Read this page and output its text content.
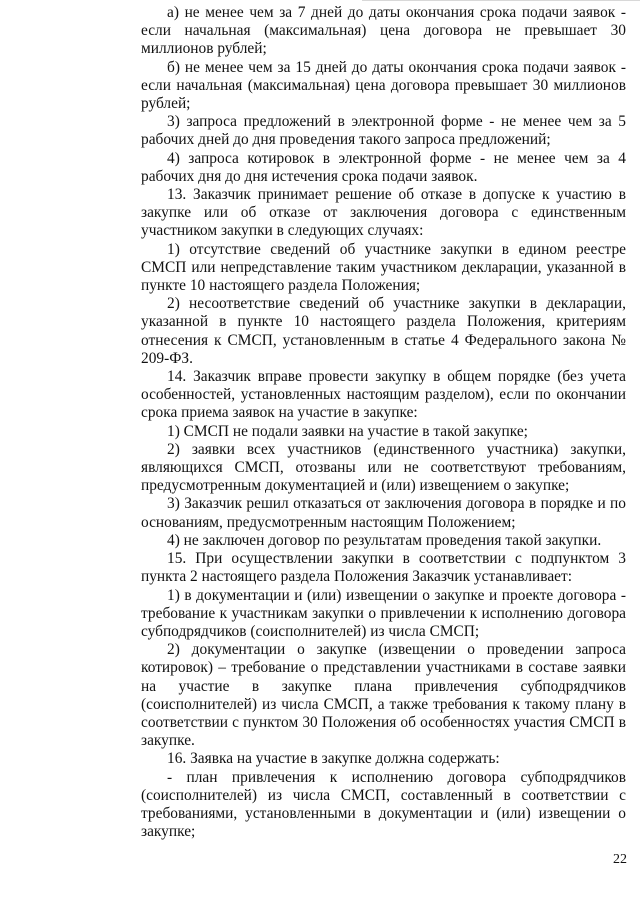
а) не менее чем за 7 дней до даты окончания срока подачи заявок - если начальная (максимальная) цена договора не превышает 30 миллионов рублей;

б) не менее чем за 15 дней до даты окончания срока подачи заявок - если начальная (максимальная) цена договора превышает 30 миллионов рублей;

3) запроса предложений в электронной форме - не менее чем за 5 рабочих дней до дня проведения такого запроса предложений;

4) запроса котировок в электронной форме - не менее чем за 4 рабочих дня до дня истечения срока подачи заявок.

13. Заказчик принимает решение об отказе в допуске к участию в закупке или об отказе от заключения договора с единственным участником закупки в следующих случаях:

1) отсутствие сведений об участнике закупки в едином реестре СМСП или непредставление таким участником декларации, указанной в пункте 10 настоящего раздела Положения;

2) несоответствие сведений об участнике закупки в декларации, указанной в пункте 10 настоящего раздела Положения, критериям отнесения к СМСП, установленным в статье 4 Федерального закона № 209-ФЗ.

14. Заказчик вправе провести закупку в общем порядке (без учета особенностей, установленных настоящим разделом), если по окончании срока приема заявок на участие в закупке:

1) СМСП не подали заявки на участие в такой закупке;

2) заявки всех участников (единственного участника) закупки, являющихся СМСП, отозваны или не соответствуют требованиям, предусмотренным документацией и (или) извещением о закупке;

3) Заказчик решил отказаться от заключения договора в порядке и по основаниям, предусмотренным настоящим Положением;

4) не заключен договор по результатам проведения такой закупки.

15. При осуществлении закупки в соответствии с подпунктом 3 пункта 2 настоящего раздела Положения Заказчик устанавливает:

1) в документации и (или) извещении о закупке и проекте договора - требование к участникам закупки о привлечении к исполнению договора субподрядчиков (соисполнителей) из числа СМСП;

2) документации о закупке (извещении о проведении запроса котировок) – требование о представлении участниками в составе заявки на участие в закупке плана привлечения субподрядчиков (соисполнителей) из числа СМСП, а также требования к такому плану в соответствии с пунктом 30 Положения об особенностях участия СМСП в закупке.

16. Заявка на участие в закупке должна содержать:

- план привлечения к исполнению договора субподрядчиков (соисполнителей) из числа СМСП, составленный в соответствии с требованиями, установленными в документации и (или) извещении о закупке;

22
